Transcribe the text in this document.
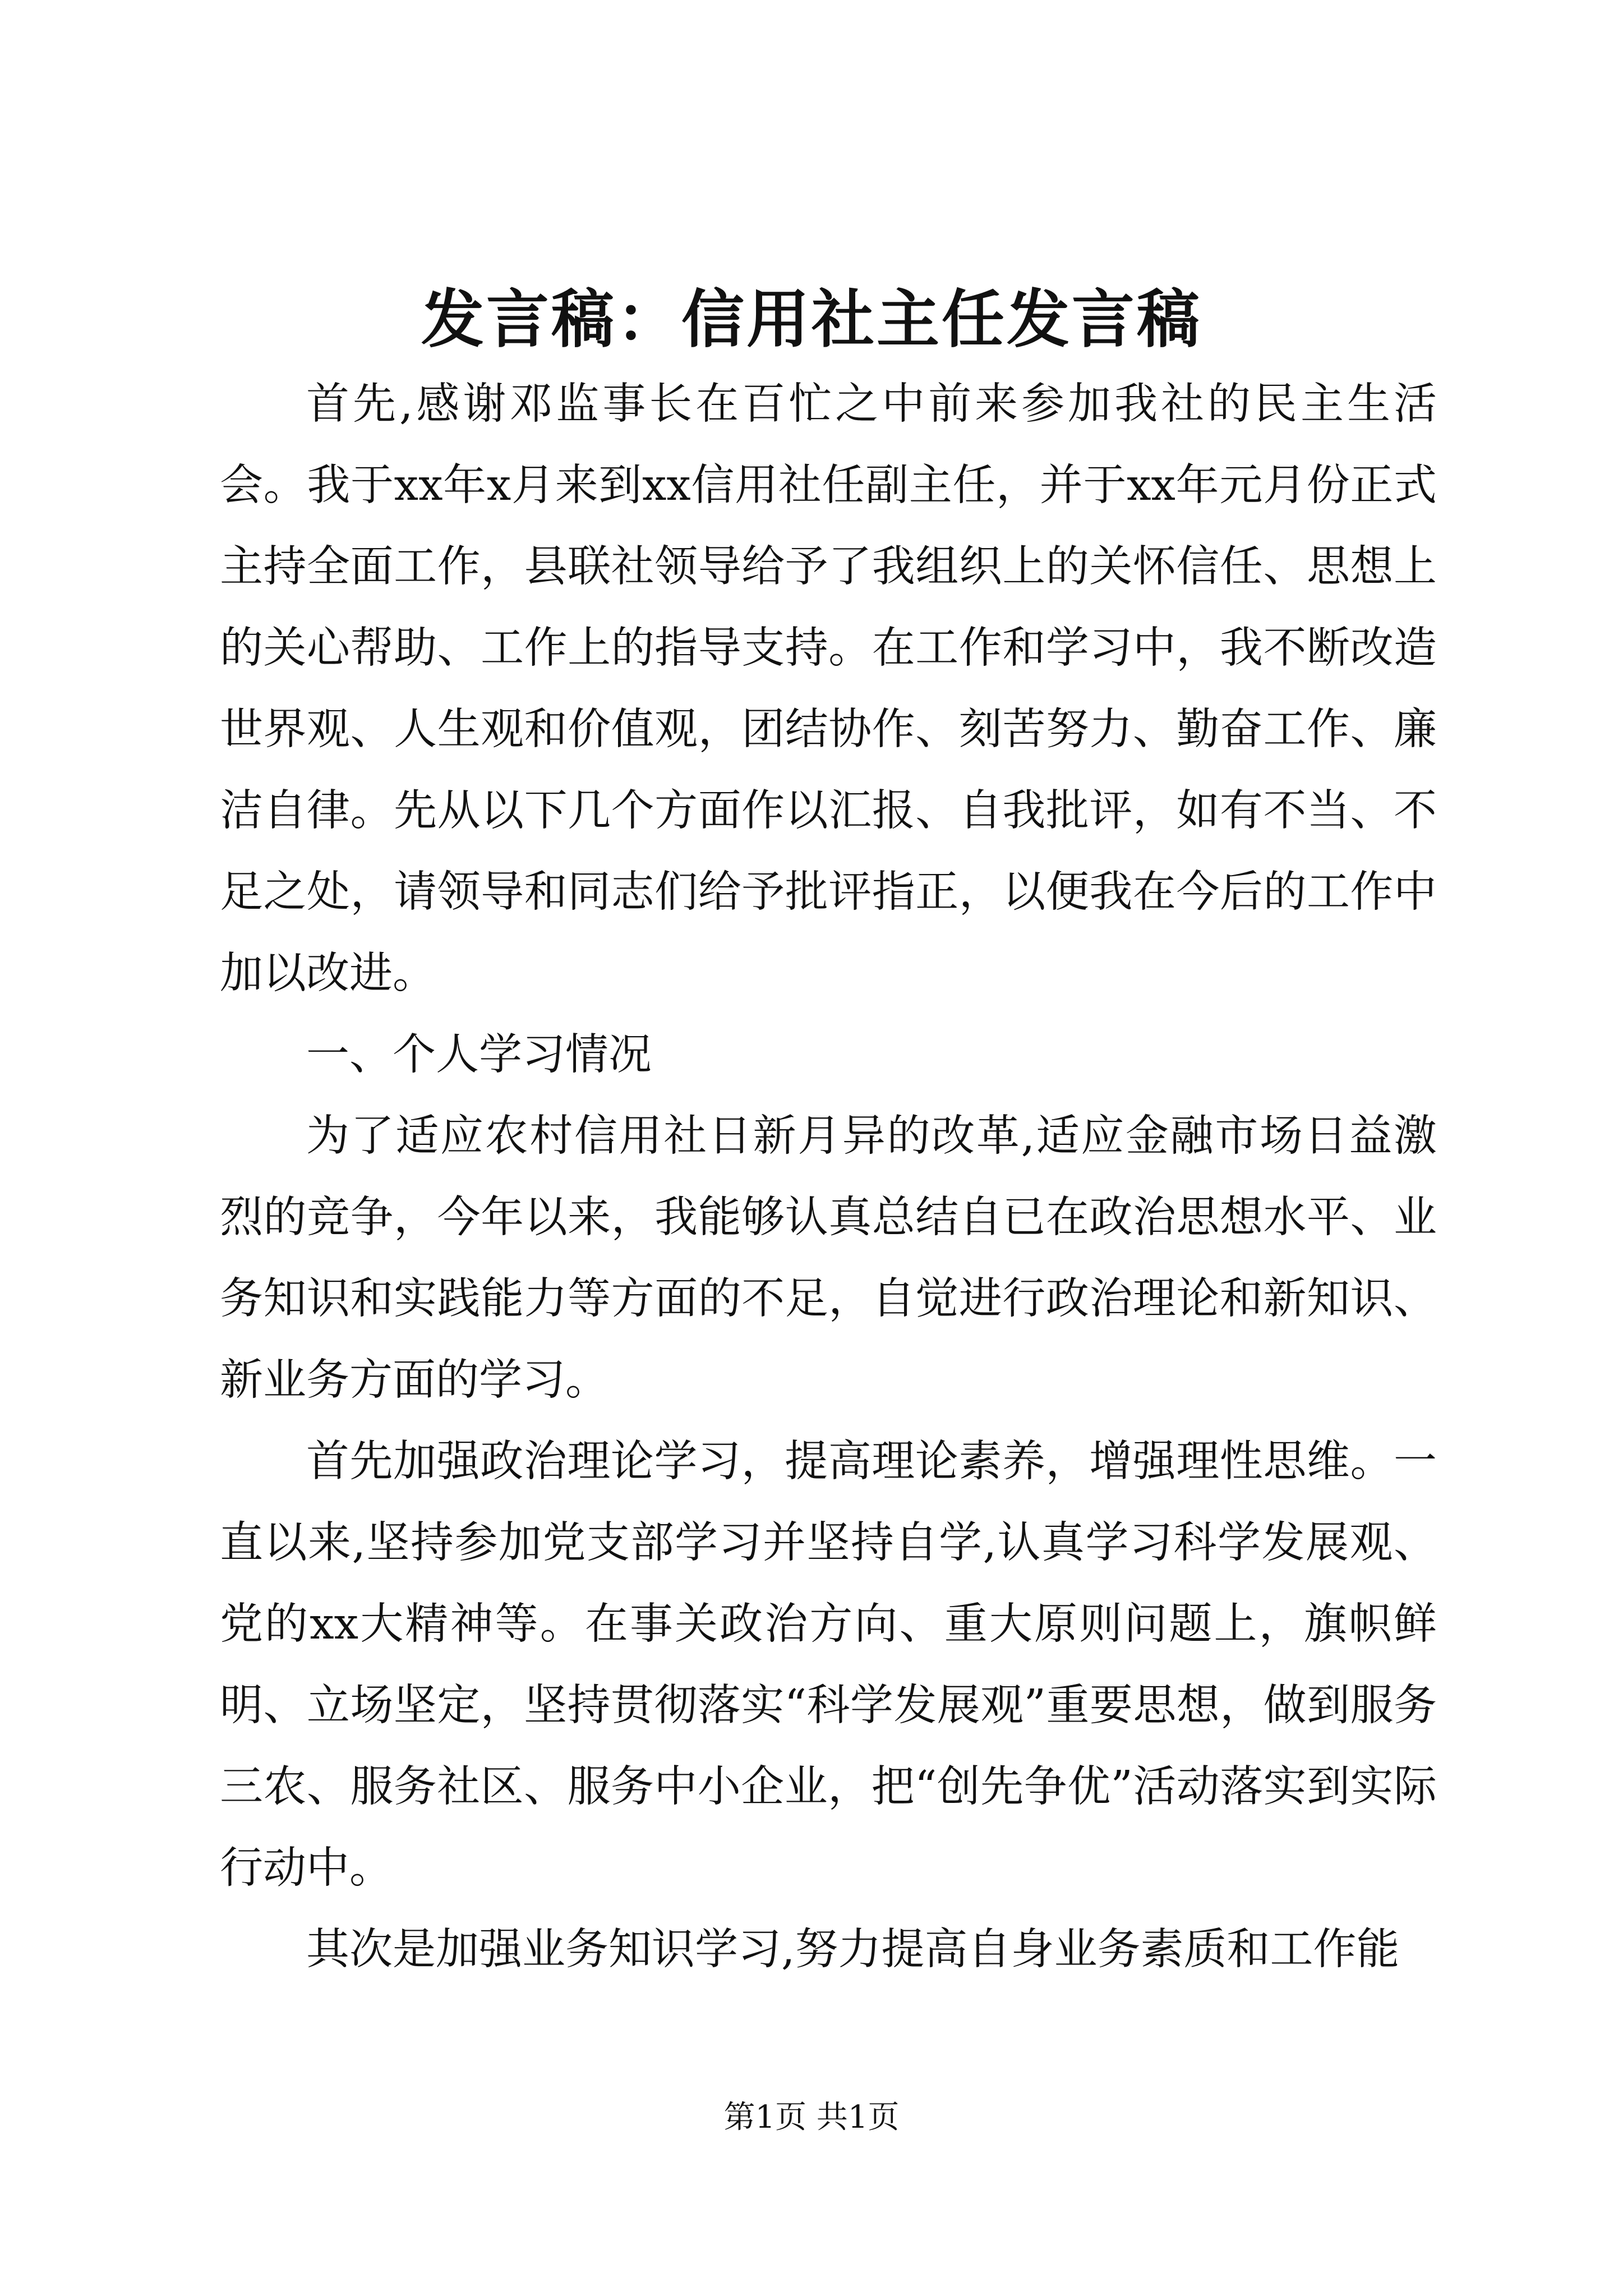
发言稿：信用社主任发言稿

首先,感谢邓监事长在百忙之中前来参加我社的民主生活会。我于xx年x月来到xx信用社任副主任，并于xx年元月份正式主持全面工作，县联社领导给予了我组织上的关怀信任、思想上的关心帮助、工作上的指导支持。在工作和学习中，我不断改造世界观、人生观和价值观，团结协作、刻苦努力、勤奋工作、廉洁自律。先从以下几个方面作以汇报、自我批评，如有不当、不足之处，请领导和同志们给予批评指正，以便我在今后的工作中加以改进。

一、个人学习情况

为了适应农村信用社日新月异的改革,适应金融市场日益激烈的竞争，今年以来，我能够认真总结自已在政治思想水平、业务知识和实践能力等方面的不足，自觉进行政治理论和新知识、新业务方面的学习。

首先加强政治理论学习，提高理论素养，增强理性思维。一直以来,坚持参加党支部学习并坚持自学,认真学习科学发展观、党的xx大精神等。在事关政治方向、重大原则问题上，旗帜鲜明、立场坚定，坚持贯彻落实“科学发展观”重要思想，做到服务三农、服务社区、服务中小企业，把“创先争优”活动落实到实际行动中。

其次是加强业务知识学习,努力提高自身业务素质和工作能

第1页 共1页
